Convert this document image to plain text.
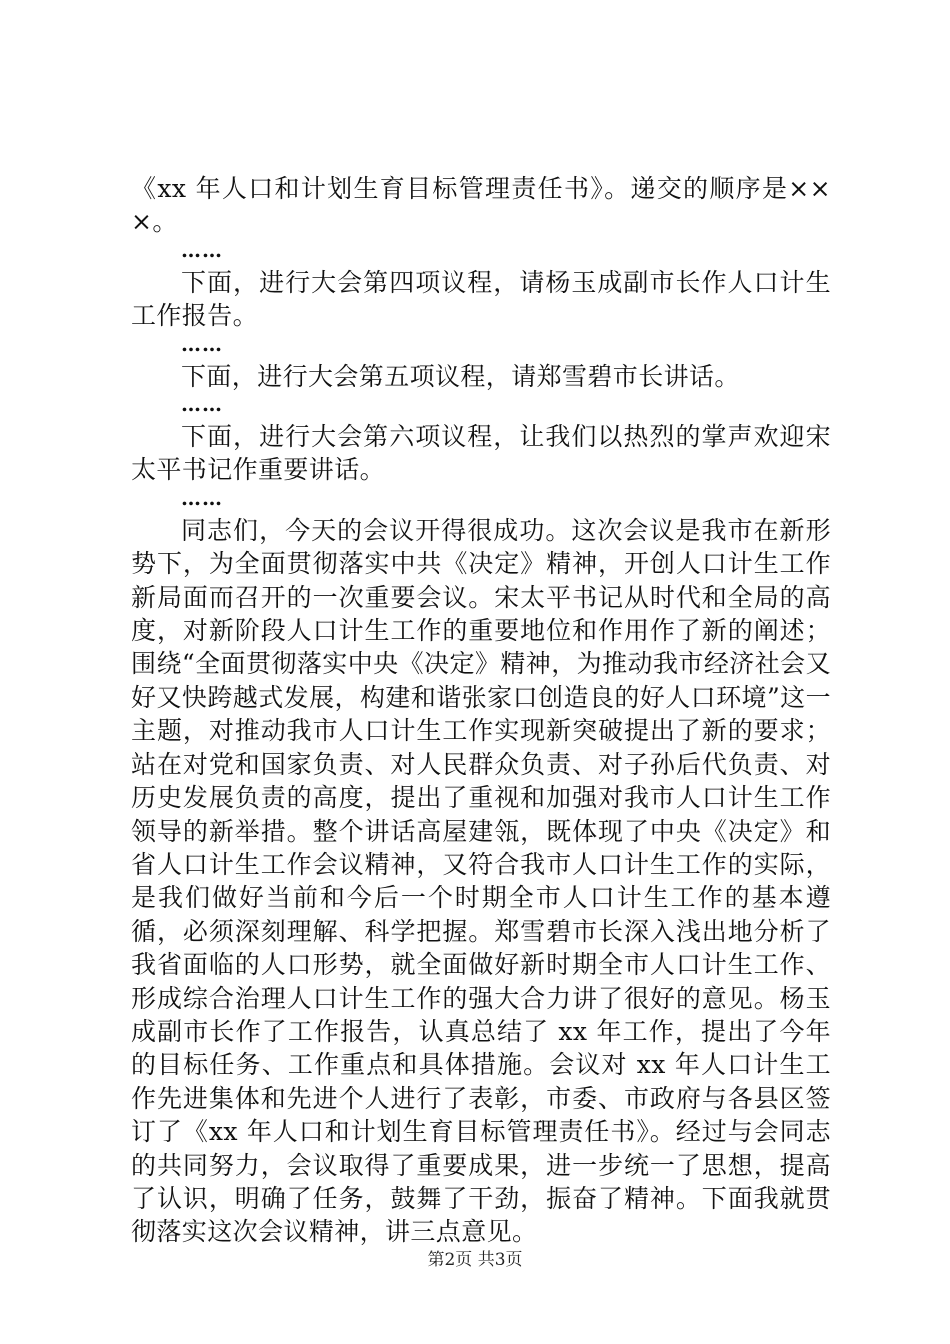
《xx 年人口和计划生育目标管理责任书》。递交的顺序是×××。

……

下面，进行大会第四项议程，请杨玉成副市长作人口计生工作报告。

……

下面，进行大会第五项议程，请郑雪碧市长讲话。

……

下面，进行大会第六项议程，让我们以热烈的掌声欢迎宋太平书记作重要讲话。

……

同志们，今天的会议开得很成功。这次会议是我市在新形势下，为全面贯彻落实中共《决定》精神，开创人口计生工作新局面而召开的一次重要会议。宋太平书记从时代和全局的高度，对新阶段人口计生工作的重要地位和作用作了新的阐述；围绕“全面贯彻落实中央《决定》精神，为推动我市经济社会又好又快跨越式发展，构建和谐张家口创造良的好人口环境”这一主题，对推动我市人口计生工作实现新突破提出了新的要求；站在对党和国家负责、对人民群众负责、对子孙后代负责、对历史发展负责的高度，提出了重视和加强对我市人口计生工作领导的新举措。整个讲话高屋建瓴，既体现了中央《决定》和省人口计生工作会议精神，又符合我市人口计生工作的实际，是我们做好当前和今后一个时期全市人口计生工作的基本遵循，必须深刻理解、科学把握。郑雪碧市长深入浅出地分析了我省面临的人口形势，就全面做好新时期全市人口计生工作、形成综合治理人口计生工作的强大合力讲了很好的意见。杨玉成副市长作了工作报告，认真总结了 xx 年工作，提出了今年的目标任务、工作重点和具体措施。会议对 xx 年人口计生工作先进集体和先进个人进行了表彰，市委、市政府与各县区签订了《xx 年人口和计划生育目标管理责任书》。经过与会同志的共同努力，会议取得了重要成果，进一步统一了思想，提高了认识，明确了任务，鼓舞了干劲，振奋了精神。下面我就贯彻落实这次会议精神，讲三点意见。

第2页 共3页
